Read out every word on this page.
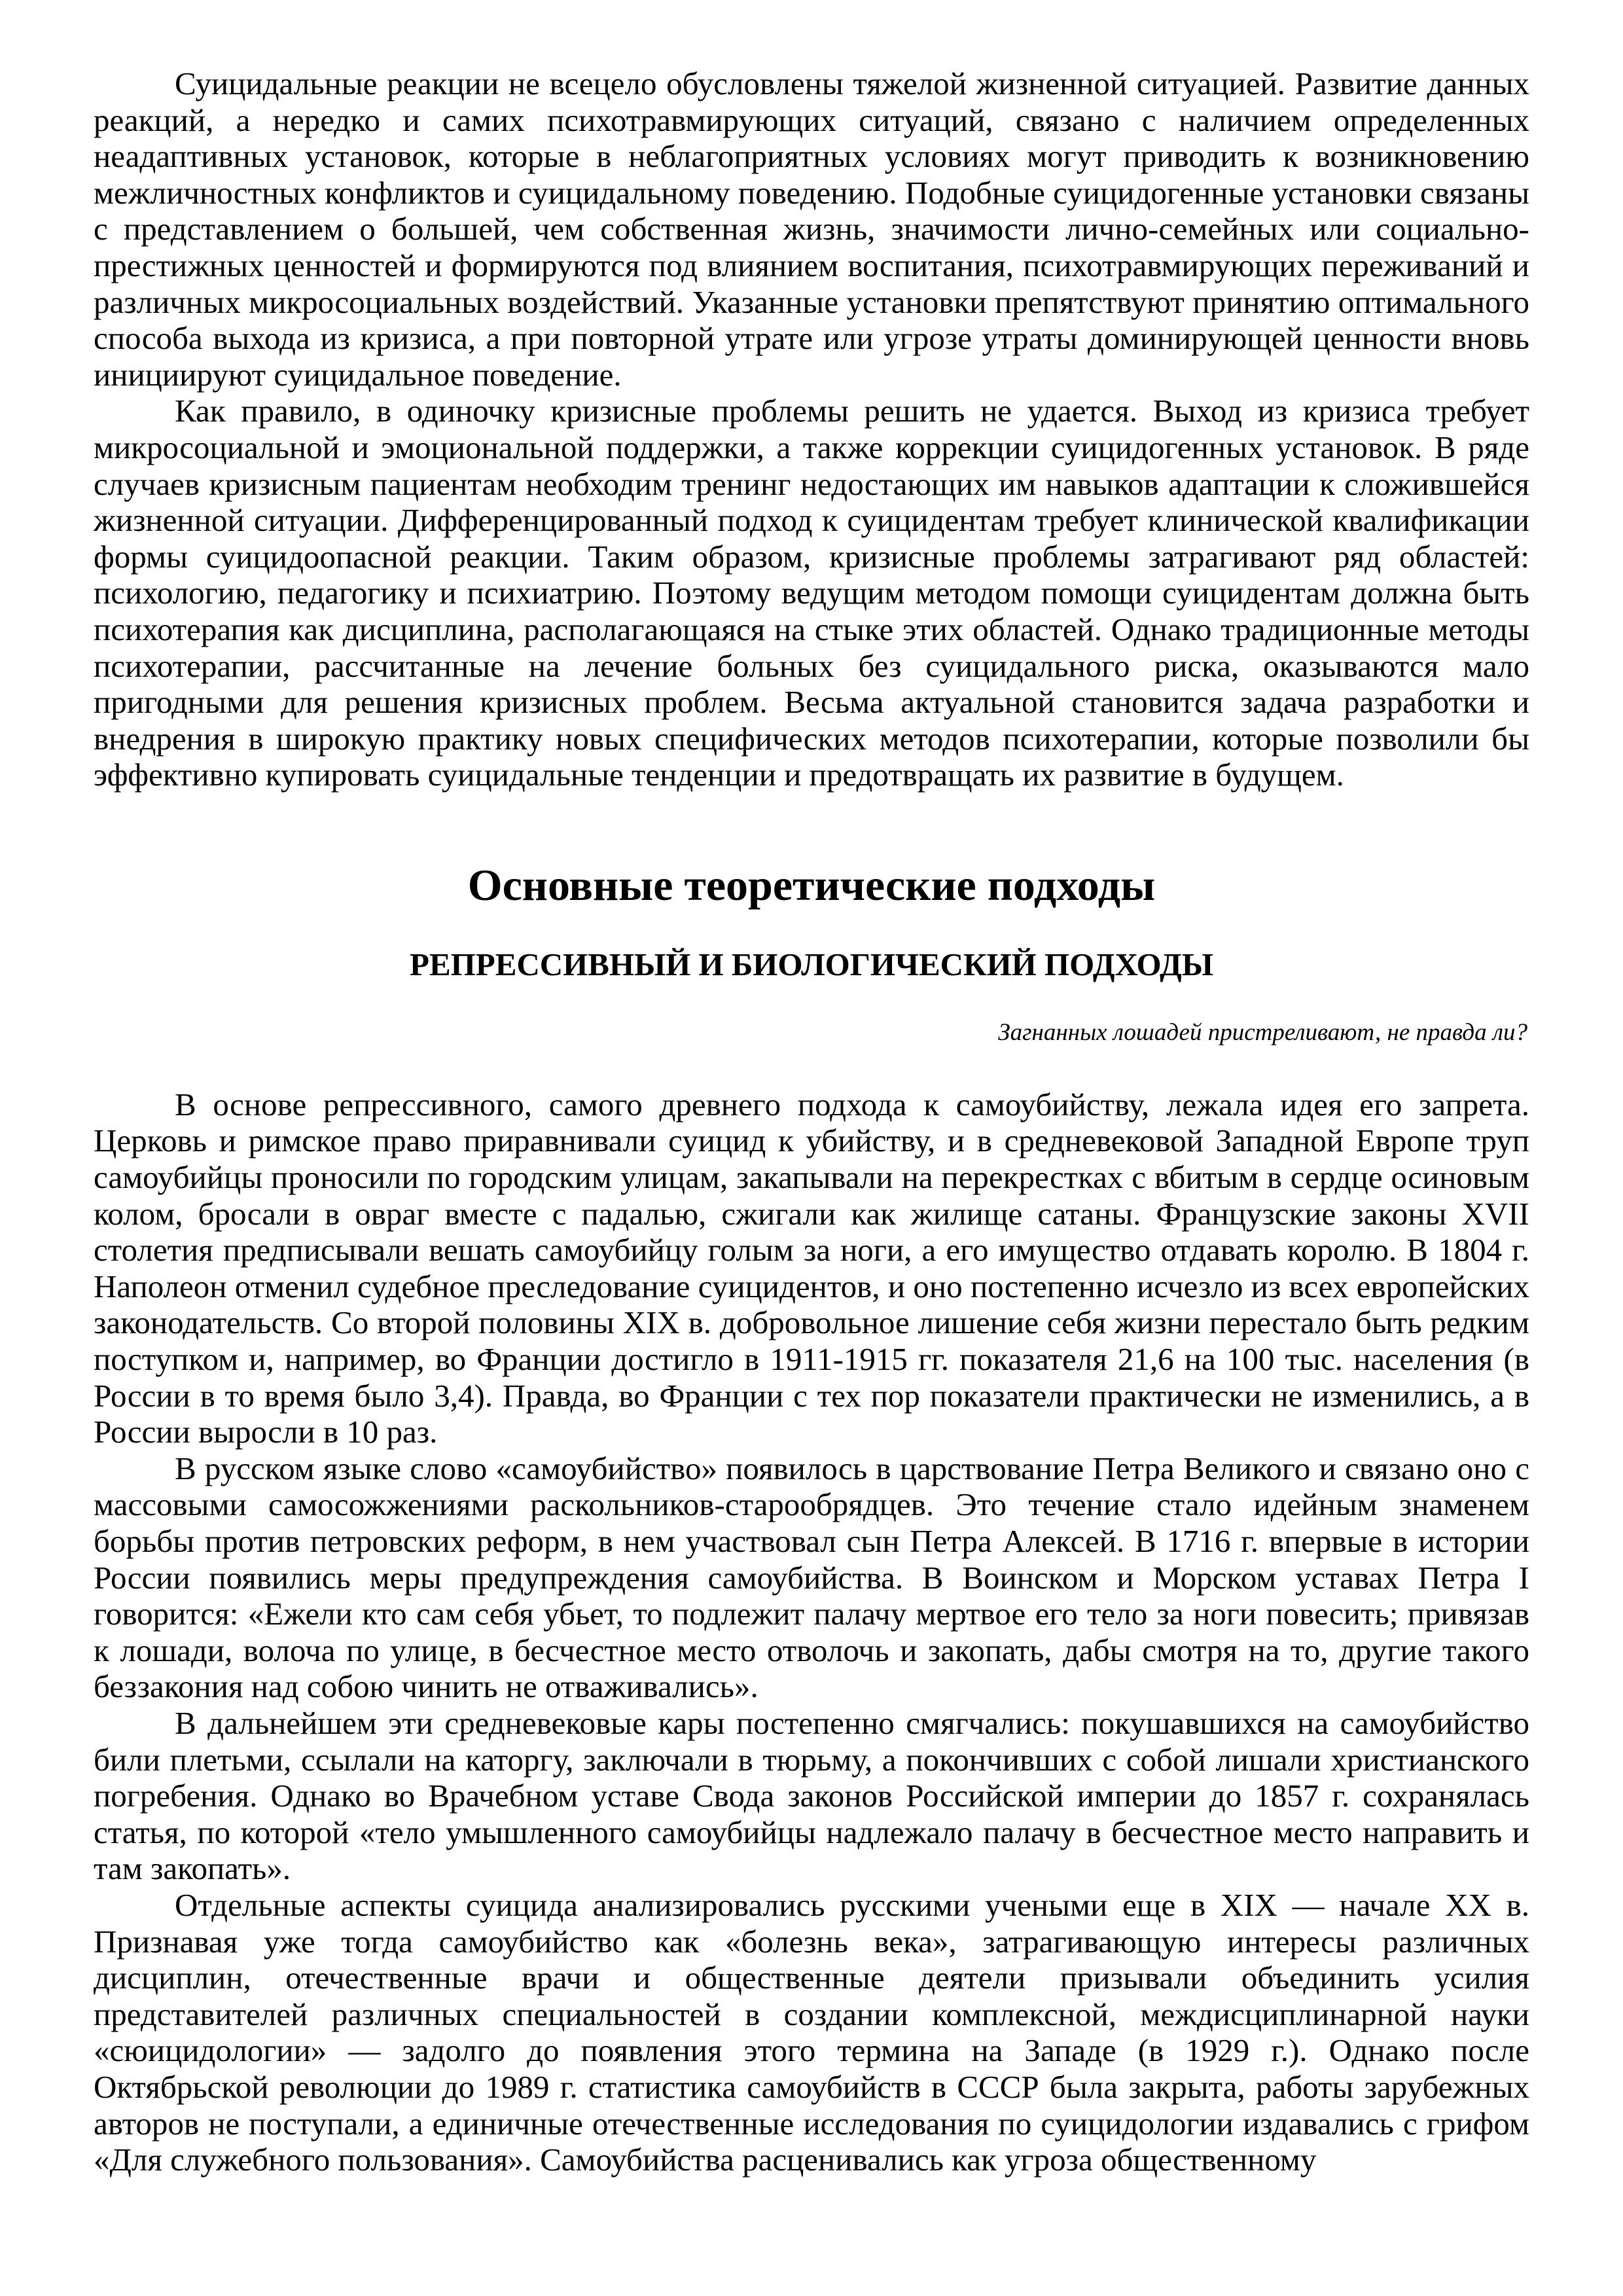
Суицидальные реакции не всецело обусловлены тяжелой жизненной ситуацией. Развитие данных реакций, а нередко и самих психотравмирующих ситуаций, связано с наличием определенных неадаптивных установок, которые в неблагоприятных условиях могут приводить к возникновению межличностных конфликтов и суицидальному поведению. Подобные суицидогенные установки связаны с представлением о большей, чем собственная жизнь, значимости лично-семейных или социально-престижных ценностей и формируются под влиянием воспитания, психотравмирующих переживаний и различных микросоциальных воздействий. Указанные установки препятствуют принятию оптимального способа выхода из кризиса, а при повторной утрате или угрозе утраты доминирующей ценности вновь инициируют суицидальное поведение.

Как правило, в одиночку кризисные проблемы решить не удается. Выход из кризиса требует микросоциальной и эмоциональной поддержки, а также коррекции суицидогенных установок. В ряде случаев кризисным пациентам необходим тренинг недостающих им навыков адаптации к сложившейся жизненной ситуации. Дифференцированный подход к суицидентам требует клинической квалификации формы суицидоопасной реакции. Таким образом, кризисные проблемы затрагивают ряд областей: психологию, педагогику и психиатрию. Поэтому ведущим методом помощи суицидентам должна быть психотерапия как дисциплина, располагающаяся на стыке этих областей. Однако традиционные методы психотерапии, рассчитанные на лечение больных без суицидального риска, оказываются мало пригодными для решения кризисных проблем. Весьма актуальной становится задача разработки и внедрения в широкую практику новых специфических методов психотерапии, которые позволили бы эффективно купировать суицидальные тенденции и предотвращать их развитие в будущем.

Основные теоретические подходы
РЕПРЕССИВНЫЙ И БИОЛОГИЧЕСКИЙ ПОДХОДЫ
Загнанных лошадей пристреливают, не правда ли?

В основе репрессивного, самого древнего подхода к самоубийству, лежала идея его запрета. Церковь и римское право приравнивали суицид к убийству, и в средневековой Западной Европе труп самоубийцы проносили по городским улицам, закапывали на перекрестках с вбитым в сердце осиновым колом, бросали в овраг вместе с падалью, сжигали как жилище сатаны. Французские законы XVII столетия предписывали вешать самоубийцу голым за ноги, а его имущество отдавать королю. В 1804 г. Наполеон отменил судебное преследование суицидентов, и оно постепенно исчезло из всех европейских законодательств. Со второй половины XIX в. добровольное лишение себя жизни перестало быть редким поступком и, например, во Франции достигло в 1911-1915 гг. показателя 21,6 на 100 тыс. населения (в России в то время было 3,4). Правда, во Франции с тех пор показатели практически не изменились, а в России выросли в 10 раз.

В русском языке слово «самоубийство» появилось в царствование Петра Великого и связано оно с массовыми самосожжениями раскольников-старообрядцев. Это течение стало идейным знаменем борьбы против петровских реформ, в нем участвовал сын Петра Алексей. В 1716 г. впервые в истории России появились меры предупреждения самоубийства. В Воинском и Морском уставах Петра I говорится: «Ежели кто сам себя убьет, то подлежит палачу мертвое его тело за ноги повесить; привязав к лошади, волоча по улице, в бесчестное место отволочь и закопать, дабы смотря на то, другие такого беззакония над собою чинить не отваживались».

В дальнейшем эти средневековые кары постепенно смягчались: покушавшихся на самоубийство били плетьми, ссылали на каторгу, заключали в тюрьму, а покончивших с собой лишали христианского погребения. Однако во Врачебном уставе Свода законов Российской империи до 1857 г. сохранялась статья, по которой «тело умышленного самоубийцы надлежало палачу в бесчестное место направить и там закопать».

Отдельные аспекты суицида анализировались русскими учеными еще в XIX — начале XX в. Признавая уже тогда самоубийство как «болезнь века», затрагивающую интересы различных дисциплин, отечественные врачи и общественные деятели призывали объединить усилия представителей различных специальностей в создании комплексной, междисциплинарной науки «сюицидологии» — задолго до появления этого термина на Западе (в 1929 г.). Однако после Октябрьской революции до 1989 г. статистика самоубийств в СССР была закрыта, работы зарубежных авторов не поступали, а единичные отечественные исследования по суицидологии издавались с грифом «Для служебного пользования». Самоубийства расценивались как угроза общественному
